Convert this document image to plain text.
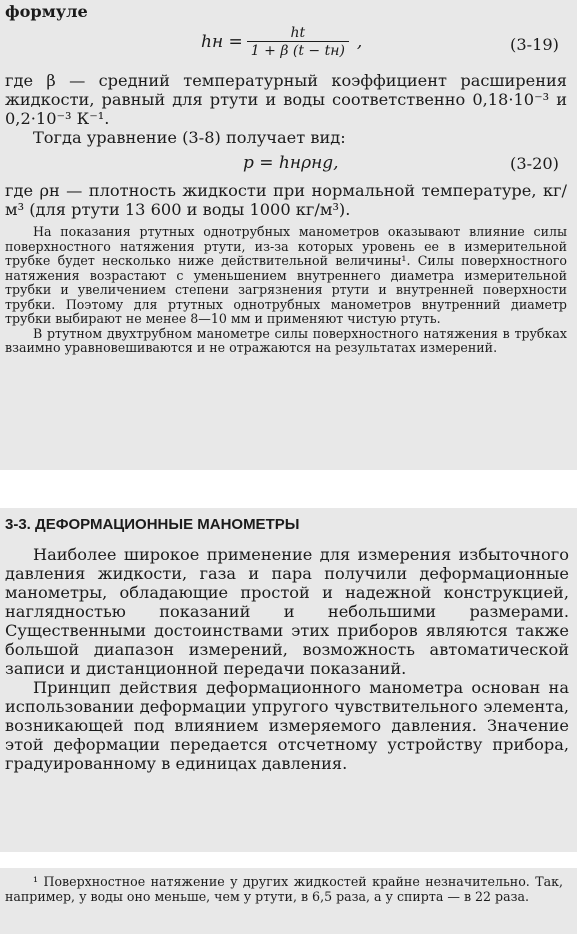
формуле

hн = $\frac{ht}{1 + \beta (t - tн)}$ ,	(3-19)

где β — средний температурный коэффициент расширения жидкости, равный для ртути и воды соответственно 0,18·10⁻³ и 0,2·10⁻³ К⁻¹.

Тогда уравнение (3-8) получает вид:

p = hнρнg,	(3-20)

где ρн — плотность жидкости при нормальной температуре, кг/м³ (для ртути 13 600 и воды 1000 кг/м³).

На показания ртутных однотрубных манометров оказывают влияние силы поверхностного натяжения ртути, из-за которых уровень ее в измерительной трубке будет несколько ниже действительной величины¹. Силы поверхностного натяжения возрастают с уменьшением внутреннего диаметра измерительной трубки и увеличением степени загрязнения ртути и внутренней поверхности трубки. Поэтому для ртутных однотрубных манометров внутренний диаметр трубки выбирают не менее 8—10 мм и применяют чистую ртуть.

В ртутном двухтрубном манометре силы поверхностного натяжения в трубках взаимно уравновешиваются и не отражаются на результатах измерений.

3-3. ДЕФОРМАЦИОННЫЕ МАНОМЕТРЫ

Наиболее широкое применение для измерения избыточного давления жидкости, газа и пара получили деформационные манометры, обладающие простой и надежной конструкцией, наглядностью показаний и небольшими размерами. Существенными достоинствами этих приборов являются также большой диапазон измерений, возможность автоматической записи и дистанционной передачи показаний.

Принцип действия деформационного манометра основан на использовании деформации упругого чувствительного элемента, возникающей под влиянием измеряемого давления. Значение этой деформации передается отсчетному устройству прибора, градуированному в единицах давления.

¹ Поверхностное натяжение у других жидкостей крайне незначительно. Так, например, у воды оно меньше, чем у ртути, в 6,5 раза, а у спирта — в 22 раза.
